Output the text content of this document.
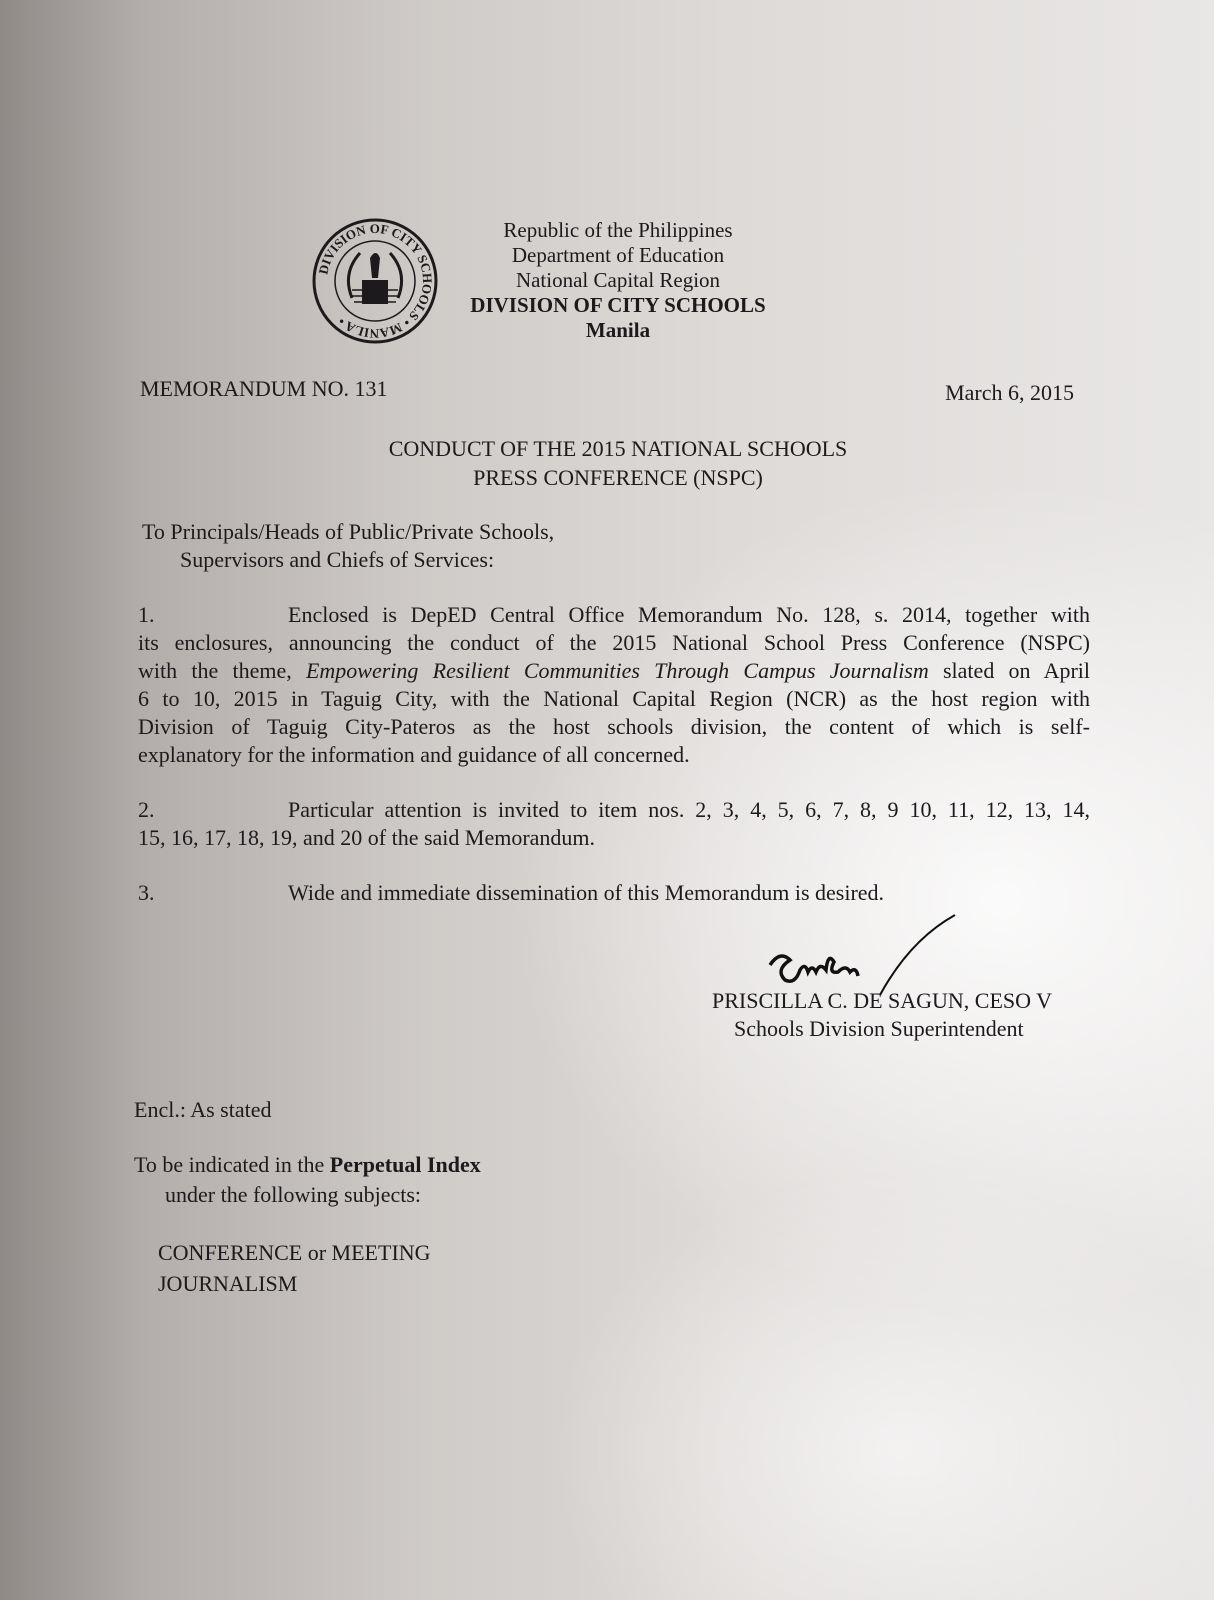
DIVISION OF CITY SCHOOLS • MANILA •
Republic of the Philippines
Department of Education
National Capital Region
DIVISION OF CITY SCHOOLS
Manila
MEMORANDUM NO. 131	March 6, 2015
CONDUCT OF THE 2015 NATIONAL SCHOOLS
PRESS CONFERENCE (NSPC)
To Principals/Heads of Public/Private Schools,
Supervisors and Chiefs of Services:
1.	Enclosed is DepED Central Office Memorandum No. 128, s. 2014, together with
its enclosures, announcing the conduct of the 2015 National School Press Conference (NSPC)
with the theme, Empowering Resilient Communities Through Campus Journalism slated on April
6 to 10, 2015 in Taguig City, with the National Capital Region (NCR) as the host region with
Division of Taguig City-Pateros as the host schools division, the content of which is self-
explanatory for the information and guidance of all concerned.
2.	Particular attention is invited to item nos. 2, 3, 4, 5, 6, 7, 8, 9 10, 11, 12, 13, 14,
15, 16, 17, 18, 19, and 20 of the said Memorandum.
3.	Wide and immediate dissemination of this Memorandum is desired.
PRISCILLA C. DE SAGUN, CESO V
Schools Division Superintendent
Encl.: As stated
To be indicated in the Perpetual Index
under the following subjects:
CONFERENCE or MEETING
JOURNALISM
